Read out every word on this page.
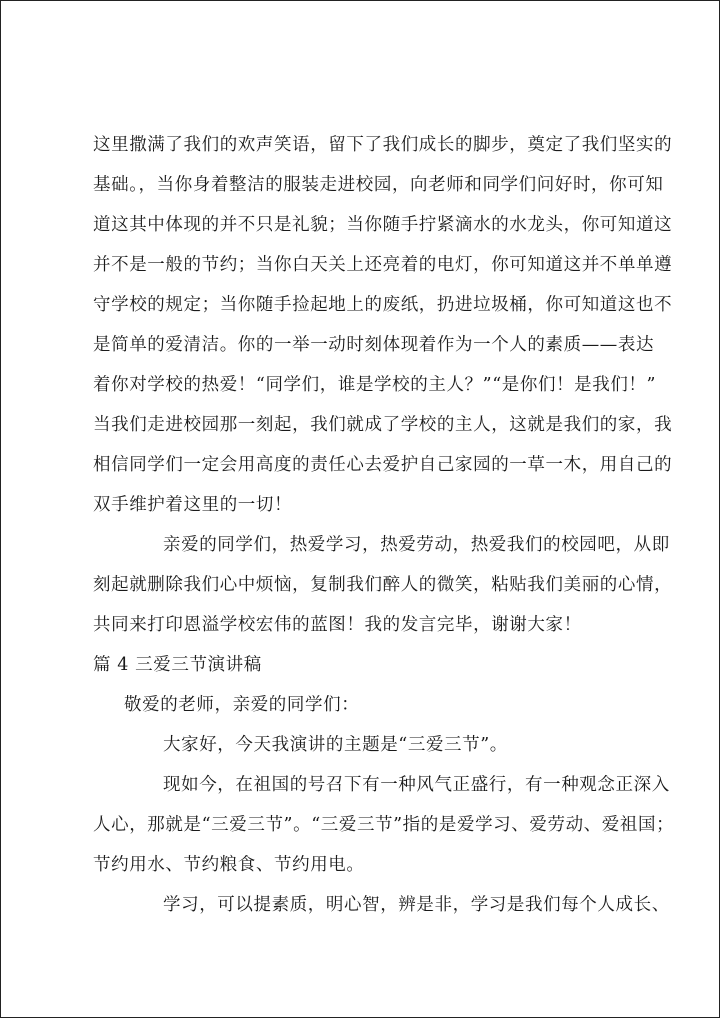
这里撒满了我们的欢声笑语，留下了我们成长的脚步，奠定了我们坚实的
基础。，当你身着整洁的服装走进校园，向老师和同学们问好时，你可知
道这其中体现的并不只是礼貌；当你随手拧紧滴水的水龙头，你可知道这
并不是一般的节约；当你白天关上还亮着的电灯，你可知道这并不单单遵
守学校的规定；当你随手捡起地上的废纸，扔进垃圾桶，你可知道这也不
是简单的爱清洁。你的一举一动时刻体现着作为一个人的素质——表达
着你对学校的热爱！“同学们，谁是学校的主人？”“是你们！是我们！”
当我们走进校园那一刻起，我们就成了学校的主人，这就是我们的家，我
相信同学们一定会用高度的责任心去爱护自己家园的一草一木，用自己的
双手维护着这里的一切！
亲爱的同学们，热爱学习，热爱劳动，热爱我们的校园吧，从即
刻起就删除我们心中烦恼，复制我们醉人的微笑，粘贴我们美丽的心情，
共同来打印恩溢学校宏伟的蓝图！我的发言完毕，谢谢大家！
篇 4 三爱三节演讲稿
敬爱的老师，亲爱的同学们：
大家好，今天我演讲的主题是“三爱三节”。
现如今，在祖国的号召下有一种风气正盛行，有一种观念正深入
人心，那就是“三爱三节”。“三爱三节”指的是爱学习、爱劳动、爱祖国；
节约用水、节约粮食、节约用电。
学习，可以提素质，明心智，辨是非，学习是我们每个人成长、
